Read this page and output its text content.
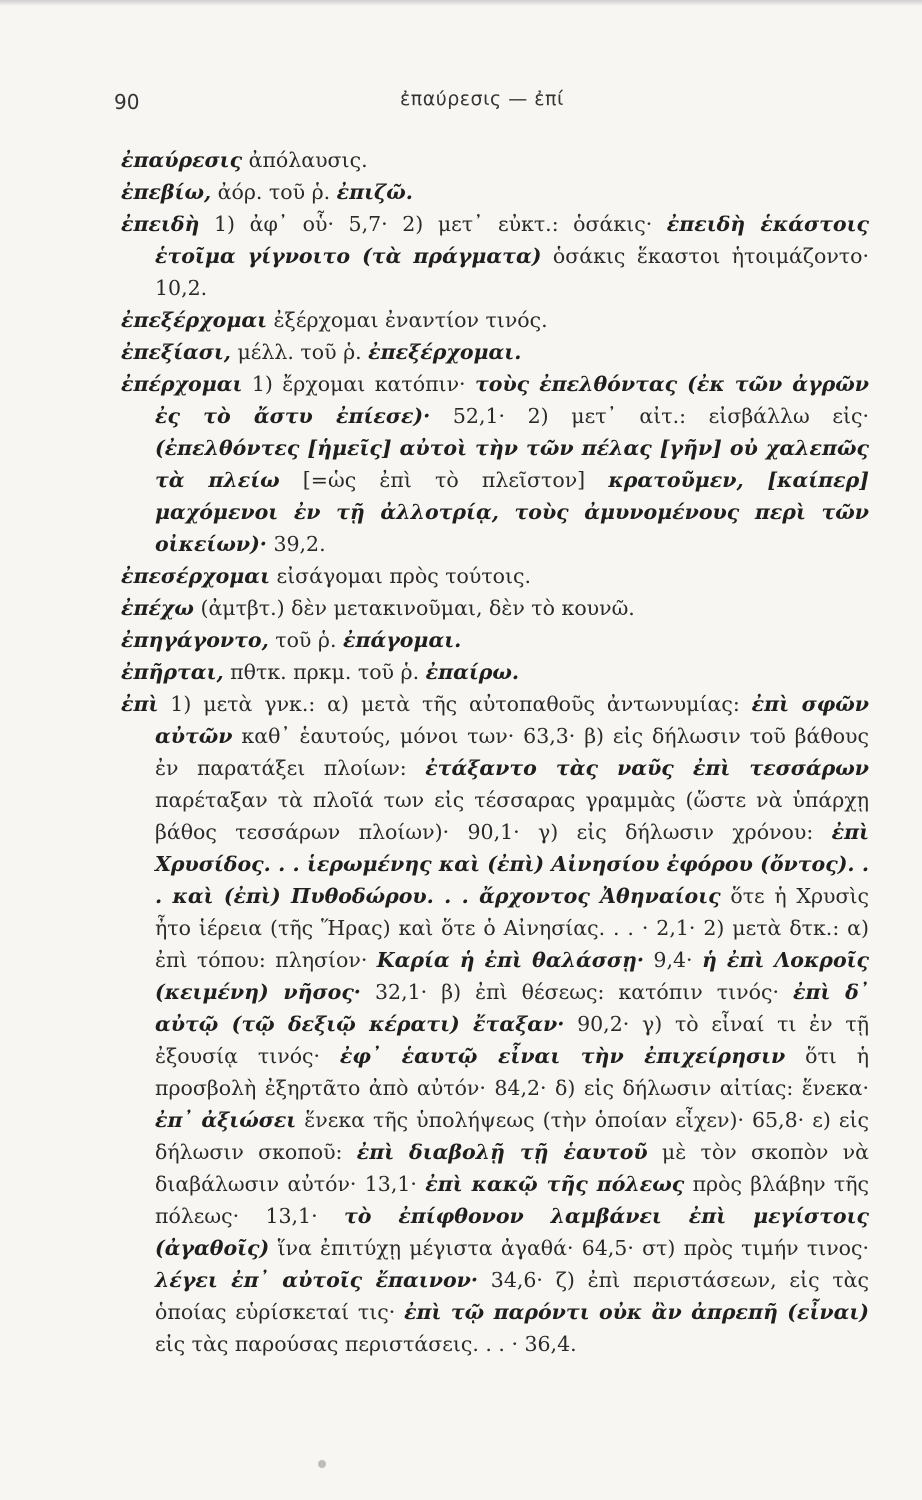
90	ἐπαύρεσις — ἐπί

ἐπαύρεσις ἀπόλαυσις.

ἐπεβίω, ἀόρ. τοῦ ῥ. ἐπιζῶ.

ἐπειδὴ 1) ἀφ᾽ οὗ· 5,7· 2) μετ᾽ εὐκτ.: ὁσάκις· ἐπειδὴ ἑκάστοις ἑτοῖμα γίγνοιτο (τὰ πράγματα) ὁσάκις ἕκαστοι ἡτοιμάζοντο· 10,2.

ἐπεξέρχομαι ἐξέρχομαι ἐναντίον τινός.

ἐπεξίασι, μέλλ. τοῦ ῥ. ἐπεξέρχομαι.

ἐπέρχομαι 1) ἔρχομαι κατόπιν· τοὺς ἐπελθόντας (ἐκ τῶν ἀγρῶν ἐς τὸ ἄστυ ἐπίεσε)· 52,1· 2) μετ᾽ αἰτ.: εἰσβάλλω εἰς· (ἐπελθόντες [ἡμεῖς] αὐτοὶ τὴν τῶν πέλας [γῆν] οὐ χαλεπῶς τὰ πλείω [=ὡς ἐπὶ τὸ πλεῖστον] κρατοῦμεν, [καίπερ] μαχόμενοι ἐν τῇ ἀλλοτρίᾳ, τοὺς ἀμυνομένους περὶ τῶν οἰκείων)· 39,2.

ἐπεσέρχομαι εἰσάγομαι πρὸς τούτοις.

ἐπέχω (ἀμτβτ.) δὲν μετακινοῦμαι, δὲν τὸ κουνῶ.

ἐπηγάγοντο, τοῦ ῥ. ἐπάγομαι.

ἐπῆρται, πθτκ. πρκμ. τοῦ ῥ. ἐπαίρω.

ἐπὶ 1) μετὰ γνκ.: α) μετὰ τῆς αὐτοπαθοῦς ἀντωνυμίας: ἐπὶ σφῶν αὐτῶν καθ᾽ ἑαυτούς, μόνοι των· 63,3· β) εἰς δήλωσιν τοῦ βάθους ἐν παρατάξει πλοίων: ἐτάξαντο τὰς ναῦς ἐπὶ τεσσάρων παρέταξαν τὰ πλοῖά των εἰς τέσσαρας γραμμὰς (ὥστε νὰ ὑπάρχῃ βάθος τεσσάρων πλοίων)· 90,1· γ) εἰς δήλωσιν χρόνου: ἐπὶ Χρυσίδος. . . ἱερωμένης καὶ (ἐπὶ) Αἰνησίου ἐφόρου (ὄντος). . . καὶ (ἐπὶ) Πυθοδώρου. . . ἄρχοντος Ἀθηναίοις ὅτε ἡ Χρυσὶς ἦτο ἱέρεια (τῆς Ἥρας) καὶ ὅτε ὁ Αἰνησίας. . . · 2,1· 2) μετὰ δτκ.: α) ἐπὶ τόπου: πλησίον· Καρία ἡ ἐπὶ θαλάσσῃ· 9,4· ἡ ἐπὶ Λοκροῖς (κειμένη) νῆσος· 32,1· β) ἐπὶ θέσεως: κατόπιν τινός· ἐπὶ δ᾽ αὐτῷ (τῷ δεξιῷ κέρατι) ἔταξαν· 90,2· γ) τὸ εἶναί τι ἐν τῇ ἐξουσίᾳ τινός· ἐφ᾽ ἑαυτῷ εἶναι τὴν ἐπιχείρησιν ὅτι ἡ προσβολὴ ἐξηρτᾶτο ἀπὸ αὐτόν· 84,2· δ) εἰς δήλωσιν αἰτίας: ἕνεκα· ἐπ᾽ ἀξιώσει ἕνεκα τῆς ὑπολήψεως (τὴν ὁποίαν εἶχεν)· 65,8· ε) εἰς δήλωσιν σκοποῦ: ἐπὶ διαβολῇ τῇ ἑαυτοῦ μὲ τὸν σκοπὸν νὰ διαβάλωσιν αὐτόν· 13,1· ἐπὶ κακῷ τῆς πόλεως πρὸς βλάβην τῆς πόλεως· 13,1· τὸ ἐπίφθονον λαμβάνει ἐπὶ μεγίστοις (ἀγαθοῖς) ἵνα ἐπιτύχῃ μέγιστα ἀγαθά· 64,5· στ) πρὸς τιμήν τινος· λέγει ἐπ᾽ αὐτοῖς ἔπαινον· 34,6· ζ) ἐπὶ περιστάσεων, εἰς τὰς ὁποίας εὑρίσκεταί τις· ἐπὶ τῷ παρόντι οὐκ ἂν ἀπρεπῆ (εἶναι) εἰς τὰς παρούσας περιστάσεις. . . · 36,4.
